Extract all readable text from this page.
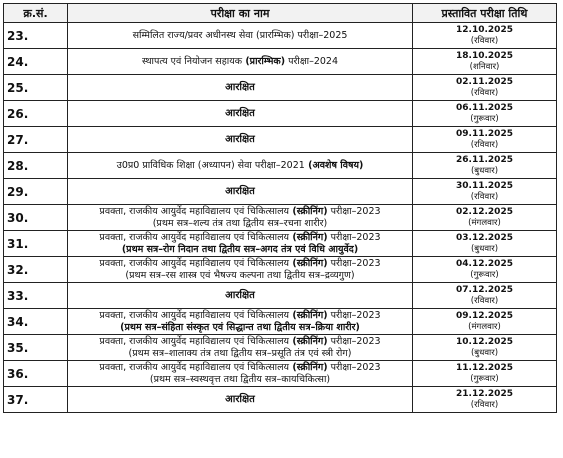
क्र.सं.	परीक्षा का नाम	प्रस्तावित परीक्षा तिथि
23.	सम्मिलित राज्य/प्रवर अधीनस्थ सेवा (प्रारम्भिक) परीक्षा–2025	12.10.2025
(रविवार)

24.	स्थापत्य एवं नियोजन सहायक (प्रारम्भिक) परीक्षा–2024	18.10.2025
(शनिवार)

25.	आरक्षित	02.11.2025
(रविवार)

26.	आरक्षित	06.11.2025
(गुरूवार)

27.	आरक्षित	09.11.2025
(रविवार)

28.	उ0प्र0 प्राविधिक शिक्षा (अध्यापन) सेवा परीक्षा–2021 (अवशेष विषय)	26.11.2025
(बुधवार)

29.	आरक्षित	30.11.2025
(रविवार)

30.	प्रवक्ता, राजकीय आयुर्वेद महाविद्यालय एवं चिकित्सालय (स्क्रीनिंग) परीक्षा–2023
(प्रथम सत्र–शल्य तंत्र तथा द्वितीय सत्र–रचना शारीर)	02.12.2025
(मंगलवार)

31.	प्रवक्ता, राजकीय आयुर्वेद महाविद्यालय एवं चिकित्सालय (स्क्रीनिंग) परीक्षा–2023
(प्रथम सत्र–रोग निदान तथा द्वितीय सत्र–अगद तंत्र एवं विधि आयुर्वेद)	03.12.2025
(बुधवार)

32.	प्रवक्ता, राजकीय आयुर्वेद महाविद्यालय एवं चिकित्सालय (स्क्रीनिंग) परीक्षा–2023
(प्रथम सत्र–रस शास्त्र एवं भैषज्य कल्पना तथा द्वितीय सत्र–द्रव्यगुण)	04.12.2025
(गुरूवार)

33.	आरक्षित	07.12.2025
(रविवार)

34.	प्रवक्ता, राजकीय आयुर्वेद महाविद्यालय एवं चिकित्सालय (स्क्रीनिंग) परीक्षा–2023
(प्रथम सत्र–संहिता संस्कृत एवं सिद्धान्त तथा द्वितीय सत्र–क्रिया शारीर)	09.12.2025
(मंगलवार)

35.	प्रवक्ता, राजकीय आयुर्वेद महाविद्यालय एवं चिकित्सालय (स्क्रीनिंग) परीक्षा–2023
(प्रथम सत्र–शालाक्य तंत्र तथा द्वितीय सत्र–प्रसूति तंत्र एवं स्त्री रोग)	10.12.2025
(बुधवार)

36.	प्रवक्ता, राजकीय आयुर्वेद महाविद्यालय एवं चिकित्सालय (स्क्रीनिंग) परीक्षा–2023
(प्रथम सत्र–स्वस्थवृत्त तथा द्वितीय सत्र–कायचिकित्सा)	11.12.2025
(गुरूवार)

37.	आरक्षित	21.12.2025
(रविवार)
